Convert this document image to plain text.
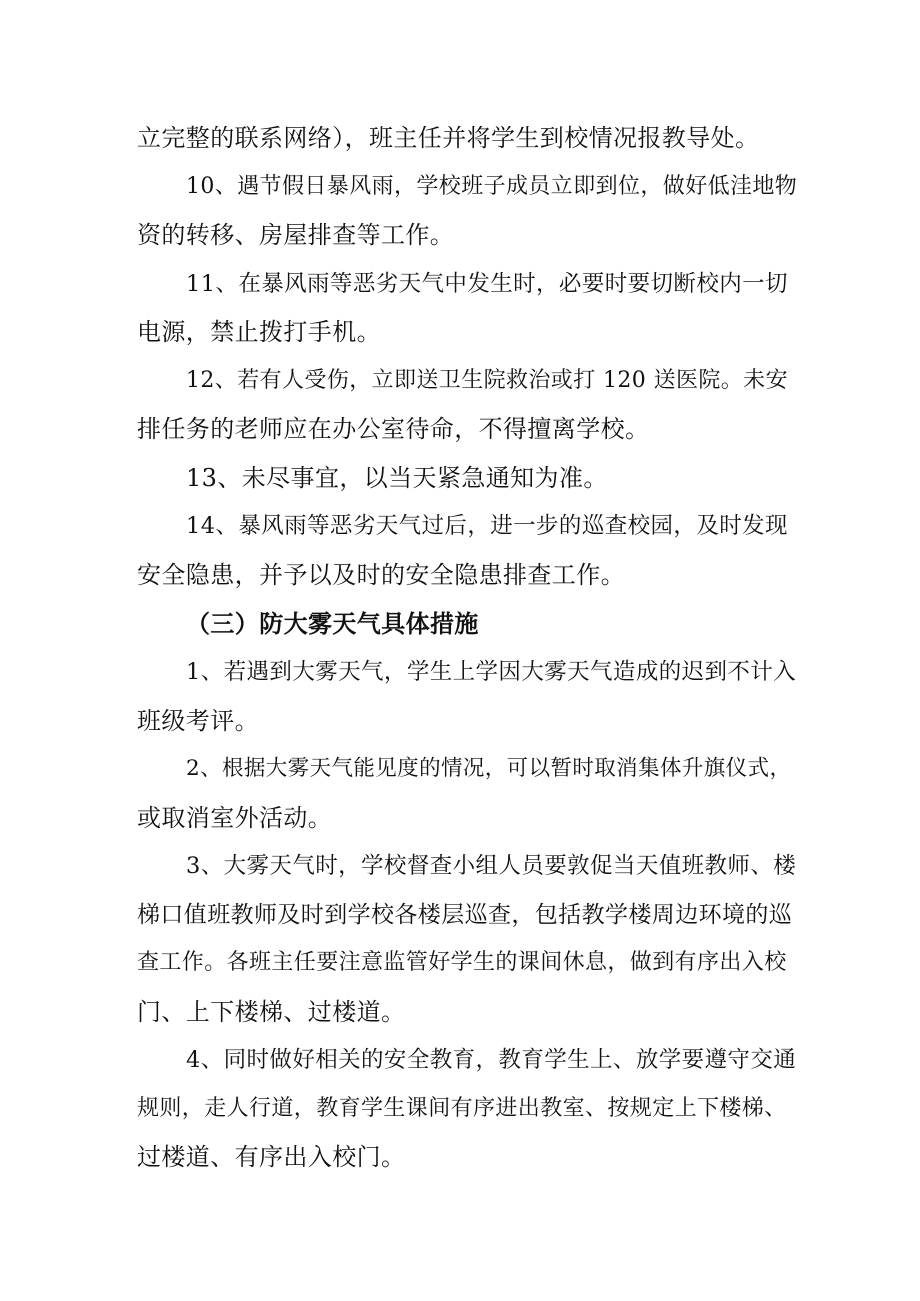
立完整的联系网络），班主任并将学生到校情况报教导处。
10、遇节假日暴风雨，学校班子成员立即到位，做好低洼地物
资的转移、房屋排查等工作。
11、在暴风雨等恶劣天气中发生时，必要时要切断校内一切
电源，禁止拨打手机。
12、若有人受伤，立即送卫生院救治或打 120 送医院。未安
排任务的老师应在办公室待命，不得擅离学校。
13、未尽事宜，以当天紧急通知为准。
14、暴风雨等恶劣天气过后，进一步的巡查校园，及时发现
安全隐患，并予以及时的安全隐患排查工作。
（三）防大雾天气具体措施
1、若遇到大雾天气，学生上学因大雾天气造成的迟到不计入
班级考评。
2、根据大雾天气能见度的情况，可以暂时取消集体升旗仪式，
或取消室外活动。
3、大雾天气时，学校督查小组人员要敦促当天值班教师、楼
梯口值班教师及时到学校各楼层巡查，包括教学楼周边环境的巡
查工作。各班主任要注意监管好学生的课间休息，做到有序出入校
门、上下楼梯、过楼道。
4、同时做好相关的安全教育，教育学生上、放学要遵守交通
规则，走人行道，教育学生课间有序进出教室、按规定上下楼梯、
过楼道、有序出入校门。
